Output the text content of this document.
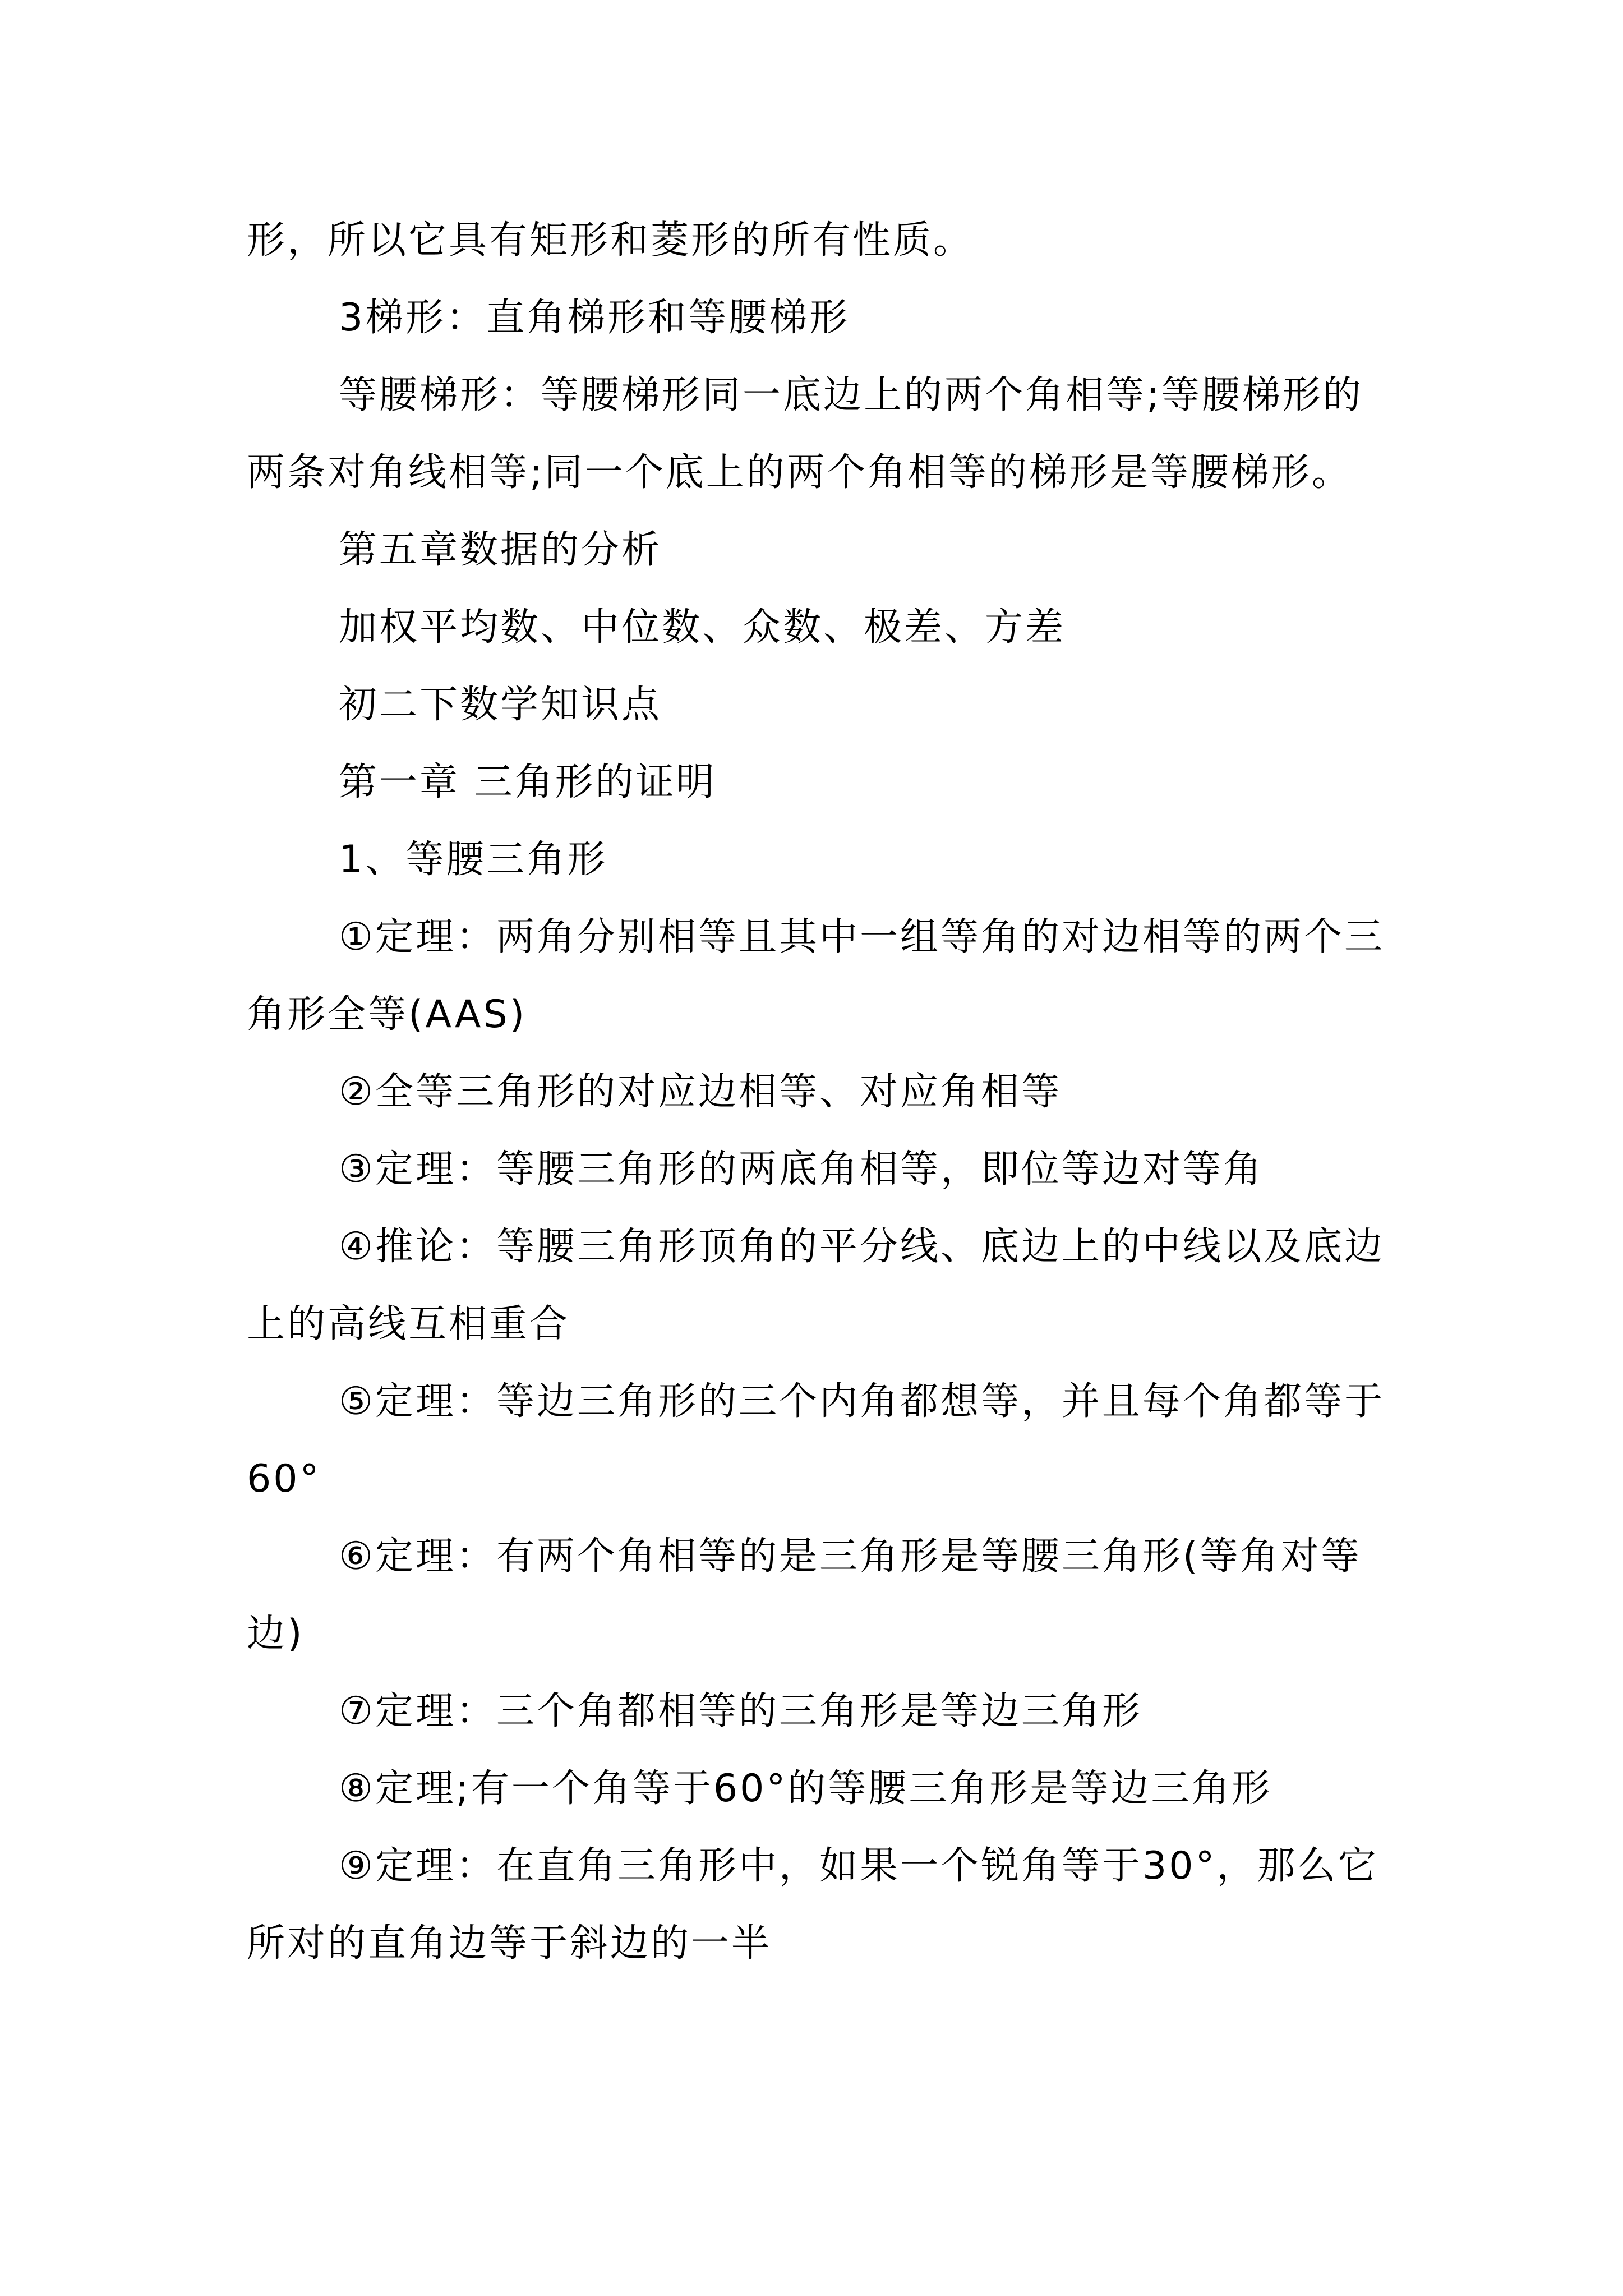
形，所以它具有矩形和菱形的所有性质。

3梯形：直角梯形和等腰梯形

等腰梯形：等腰梯形同一底边上的两个角相等;等腰梯形的两条对角线相等;同一个底上的两个角相等的梯形是等腰梯形。

第五章数据的分析

加权平均数、中位数、众数、极差、方差

初二下数学知识点

第一章 三角形的证明

1、等腰三角形

①定理：两角分别相等且其中一组等角的对边相等的两个三角形全等(AAS)

②全等三角形的对应边相等、对应角相等

③定理：等腰三角形的两底角相等，即位等边对等角

④推论：等腰三角形顶角的平分线、底边上的中线以及底边上的高线互相重合

⑤定理：等边三角形的三个内角都想等，并且每个角都等于60°

⑥定理：有两个角相等的是三角形是等腰三角形(等角对等边)

⑦定理：三个角都相等的三角形是等边三角形

⑧定理;有一个角等于60°的等腰三角形是等边三角形

⑨定理：在直角三角形中，如果一个锐角等于30°，那么它所对的直角边等于斜边的一半
